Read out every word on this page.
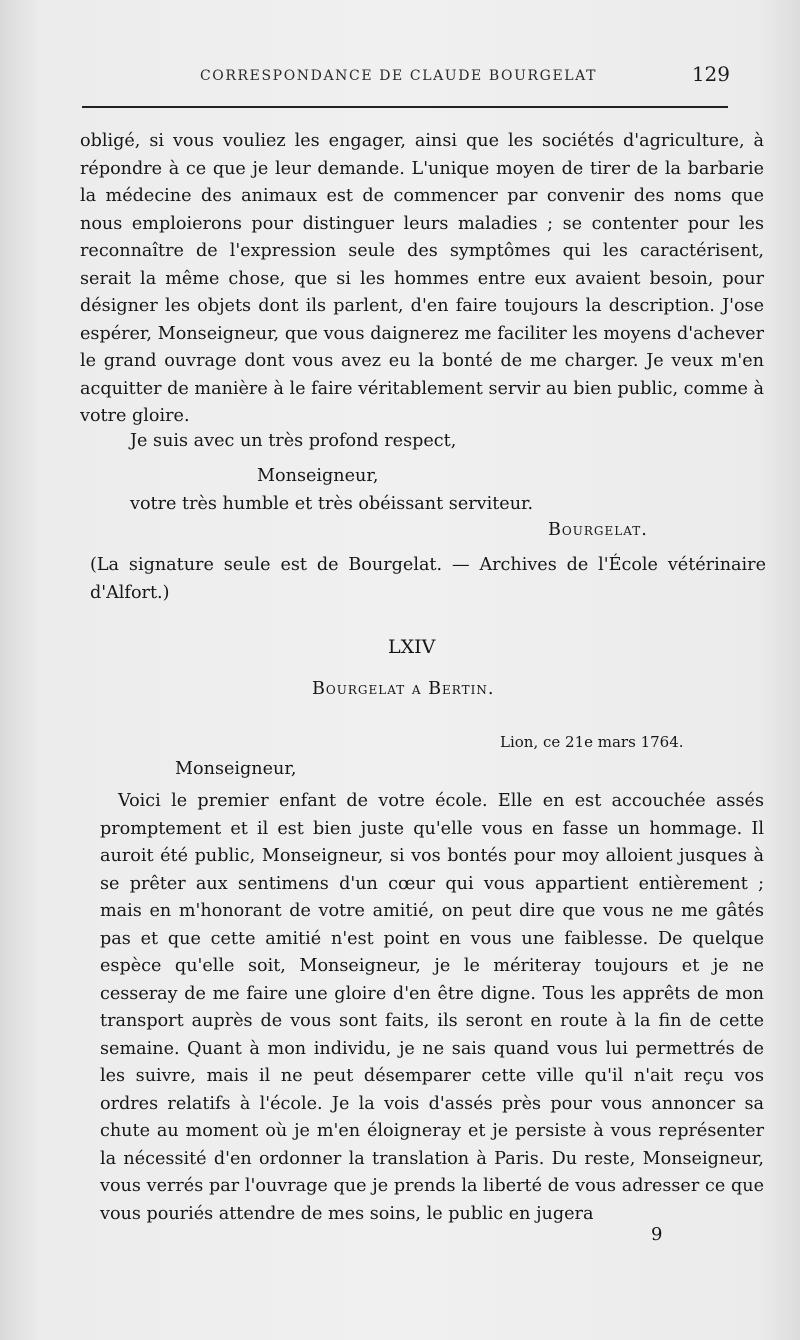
CORRESPONDANCE DE CLAUDE BOURGELAT	129

obligé, si vous vouliez les engager, ainsi que les sociétés d'agriculture, à répondre à ce que je leur demande. L'unique moyen de tirer de la barbarie la médecine des animaux est de commencer par convenir des noms que nous emploierons pour distinguer leurs maladies ; se contenter pour les reconnaître de l'expression seule des symptômes qui les caractérisent, serait la même chose, que si les hommes entre eux avaient besoin, pour désigner les objets dont ils parlent, d'en faire toujours la description. J'ose espérer, Monseigneur, que vous daignerez me faciliter les moyens d'achever le grand ouvrage dont vous avez eu la bonté de me charger. Je veux m'en acquitter de manière à le faire véritablement servir au bien public, comme à votre gloire.

Je suis avec un très profond respect,

Monseigneur,

votre très humble et très obéissant serviteur.

Bourgelat.

(La signature seule est de Bourgelat. — Archives de l'École vétérinaire d'Alfort.)

LXIV

Bourgelat a Bertin.

Lion, ce 21e mars 1764.

Monseigneur,

Voici le premier enfant de votre école. Elle en est accouchée assés promptement et il est bien juste qu'elle vous en fasse un hommage. Il auroit été public, Monseigneur, si vos bontés pour moy alloient jusques à se prêter aux sentimens d'un cœur qui vous appartient entièrement ; mais en m'honorant de votre amitié, on peut dire que vous ne me gâtés pas et que cette amitié n'est point en vous une faiblesse. De quelque espèce qu'elle soit, Monseigneur, je le mériteray toujours et je ne cesseray de me faire une gloire d'en être digne. Tous les apprêts de mon transport auprès de vous sont faits, ils seront en route à la fin de cette semaine. Quant à mon individu, je ne sais quand vous lui permettrés de les suivre, mais il ne peut désemparer cette ville qu'il n'ait reçu vos ordres relatifs à l'école. Je la vois d'assés près pour vous annoncer sa chute au moment où je m'en éloigneray et je persiste à vous représenter la nécessité d'en ordonner la translation à Paris. Du reste, Monseigneur, vous verrés par l'ouvrage que je prends la liberté de vous adresser ce que vous pouriés attendre de mes soins, le public en jugera

9
